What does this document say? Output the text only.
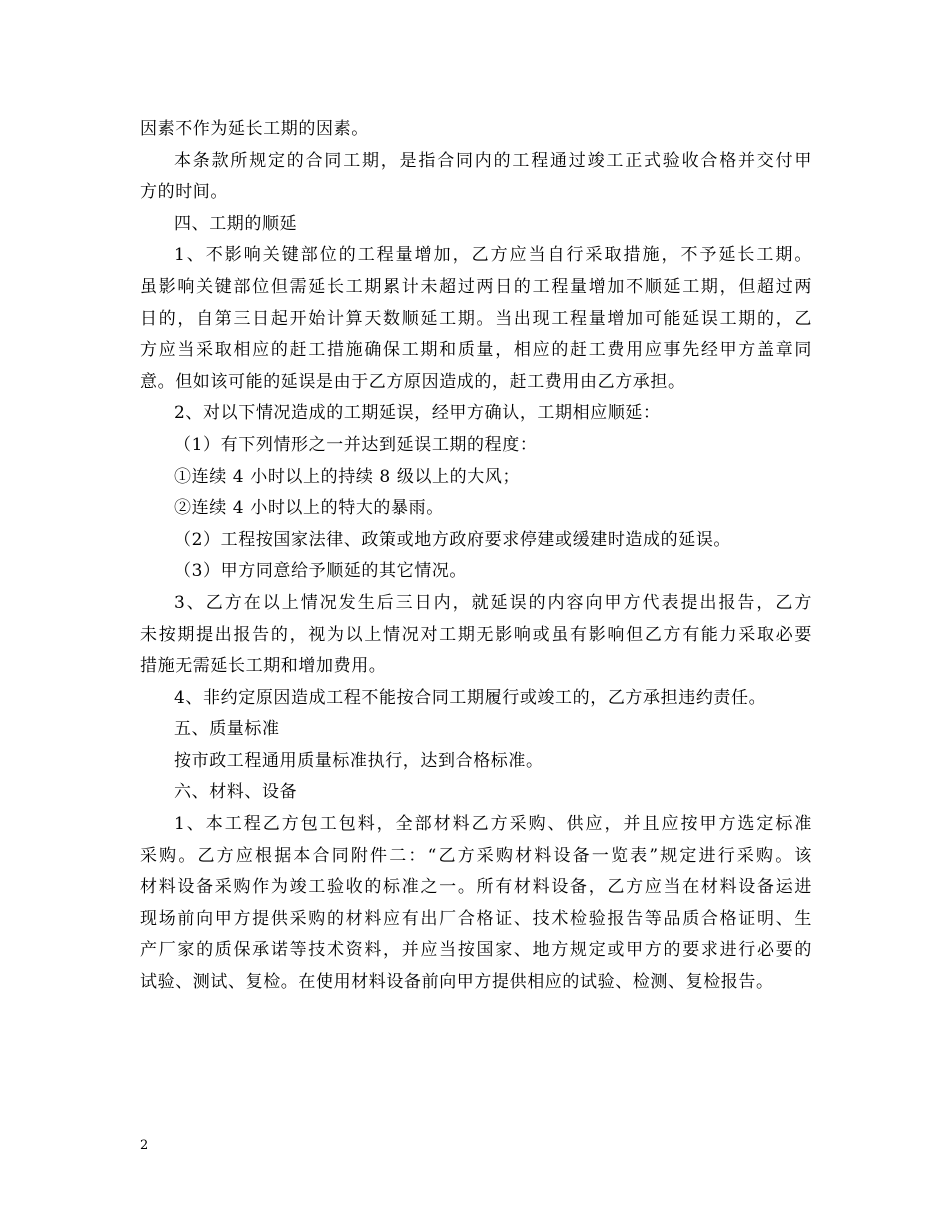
因素不作为延长工期的因素。
本条款所规定的合同工期，是指合同内的工程通过竣工正式验收合格并交付甲
方的时间。
四、工期的顺延
1、不影响关键部位的工程量增加，乙方应当自行采取措施，不予延长工期。
虽影响关键部位但需延长工期累计未超过两日的工程量增加不顺延工期，但超过两
日的，自第三日起开始计算天数顺延工期。当出现工程量增加可能延误工期的，乙
方应当采取相应的赶工措施确保工期和质量，相应的赶工费用应事先经甲方盖章同
意。但如该可能的延误是由于乙方原因造成的，赶工费用由乙方承担。
2、对以下情况造成的工期延误，经甲方确认，工期相应顺延：
（1）有下列情形之一并达到延误工期的程度：
①连续 4 小时以上的持续 8 级以上的大风；
②连续 4 小时以上的特大的暴雨。
（2）工程按国家法律、政策或地方政府要求停建或缓建时造成的延误。
（3）甲方同意给予顺延的其它情况。
3、乙方在以上情况发生后三日内，就延误的内容向甲方代表提出报告，乙方
未按期提出报告的，视为以上情况对工期无影响或虽有影响但乙方有能力采取必要
措施无需延长工期和增加费用。
4、非约定原因造成工程不能按合同工期履行或竣工的，乙方承担违约责任。
五、质量标准
按市政工程通用质量标准执行，达到合格标准。
六、材料、设备
1、本工程乙方包工包料，全部材料乙方采购、供应，并且应按甲方选定标准
采购。乙方应根据本合同附件二：“乙方采购材料设备一览表”规定进行采购。该
材料设备采购作为竣工验收的标准之一。所有材料设备，乙方应当在材料设备运进
现场前向甲方提供采购的材料应有出厂合格证、技术检验报告等品质合格证明、生
产厂家的质保承诺等技术资料，并应当按国家、地方规定或甲方的要求进行必要的
试验、测试、复检。在使用材料设备前向甲方提供相应的试验、检测、复检报告。
2
